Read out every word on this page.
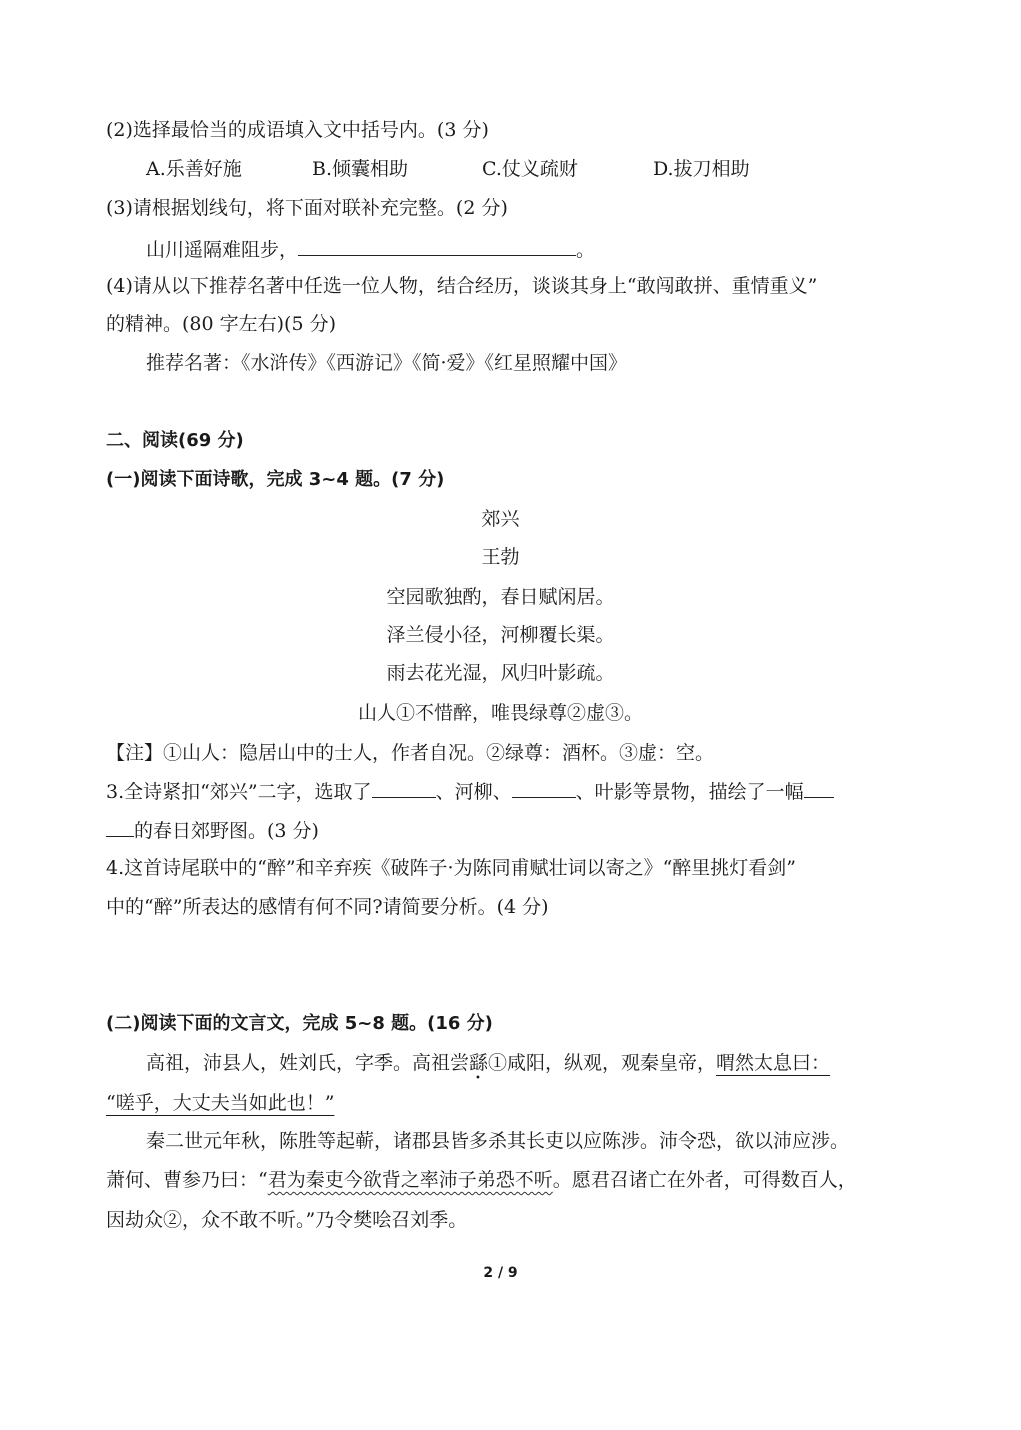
(2)选择最恰当的成语填入文中括号内。(3 分)
A.乐善好施	B.倾囊相助	C.仗义疏财	D.拔刀相助
(3)请根据划线句，将下面对联补充完整。(2 分)
山川遥隔难阻步，	。
(4)请从以下推荐名著中任选一位人物，结合经历，谈谈其身上“敢闯敢拼、重情重义”
的精神。(80 字左右)(5 分)
推荐名著：《水浒传》《西游记》《简·爱》《红星照耀中国》
二、阅读(69 分)
(一)阅读下面诗歌，完成 3~4 题。(7 分)
郊兴
王勃
空园歌独酌，春日赋闲居。
泽兰侵小径，河柳覆长渠。
雨去花光湿，风归叶影疏。
山人①不惜醉，唯畏绿尊②虚③。
【注】①山人：隐居山中的士人，作者自况。②绿尊：酒杯。③虚：空。
3.全诗紧扣“郊兴”二字，选取了	、河柳、	、叶影等景物，描绘了一幅
的春日郊野图。(3 分)
4.这首诗尾联中的“醉”和辛弃疾《破阵子·为陈同甫赋壮词以寄之》“醉里挑灯看剑”
中的“醉”所表达的感情有何不同?请简要分析。(4 分)
(二)阅读下面的文言文，完成 5~8 题。(16 分)
高祖，沛县人，姓刘氏，字季。高祖尝繇①咸阳，纵观，观秦皇帝，喟然太息曰：
“嗟乎，大丈夫当如此也！”
秦二世元年秋，陈胜等起蕲，诸郡县皆多杀其长吏以应陈涉。沛令恐，欲以沛应涉。
萧何、曹参乃曰：“君为秦吏今欲背之率沛子弟恐不听。愿君召诸亡在外者，可得数百人，
因劫众②，众不敢不听。”乃令樊哙召刘季。
2 / 9
